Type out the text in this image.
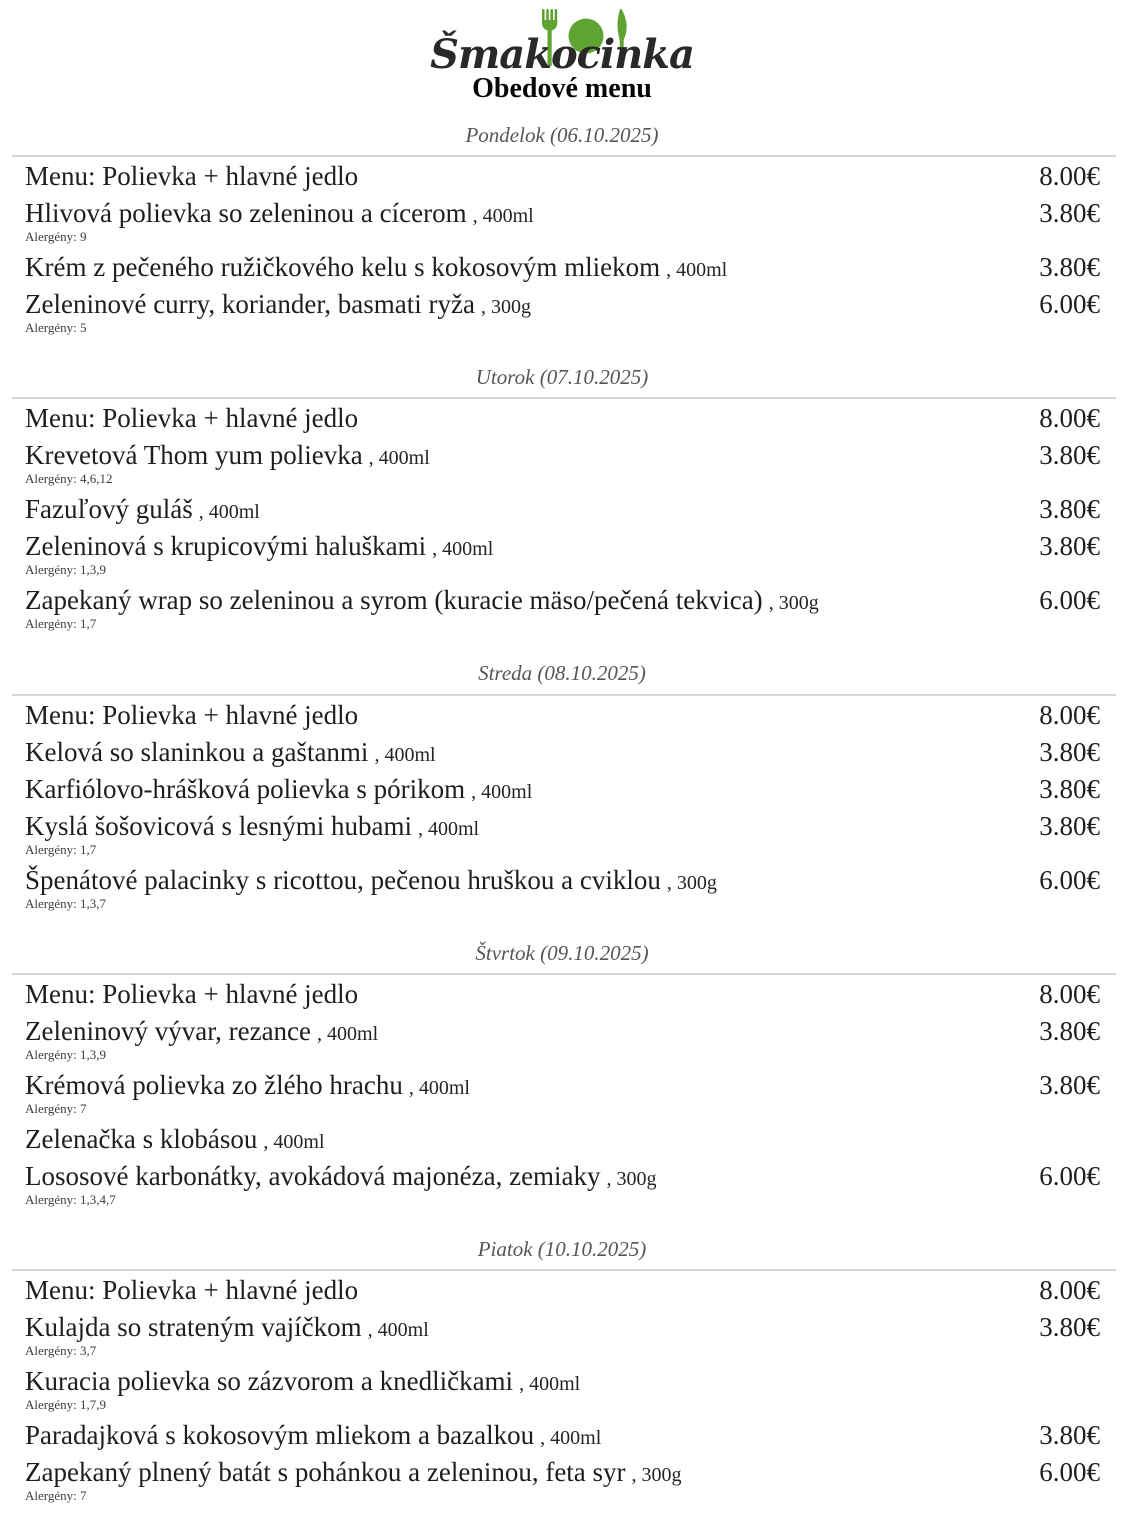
Šmakocinka
Obedové menu
Pondelok (06.10.2025)
Menu: Polievka + hlavné jedlo	8.00€
Hlivová polievka so zeleninou a cícerom , 400ml	3.80€
Alergény: 9
Krém z pečeného ružičkového kelu s kokosovým mliekom , 400ml	3.80€
Zeleninové curry, koriander, basmati ryža , 300g	6.00€
Alergény: 5
Utorok (07.10.2025)
Menu: Polievka + hlavné jedlo	8.00€
Krevetová Thom yum polievka , 400ml	3.80€
Alergény: 4,6,12
Fazuľový guláš , 400ml	3.80€
Zeleninová s krupicovými haluškami , 400ml	3.80€
Alergény: 1,3,9
Zapekaný wrap so zeleninou a syrom (kuracie mäso/pečená tekvica) , 300g	6.00€
Alergény: 1,7
Streda (08.10.2025)
Menu: Polievka + hlavné jedlo	8.00€
Kelová so slaninkou a gaštanmi , 400ml	3.80€
Karfiólovo-hrášková polievka s pórikom , 400ml	3.80€
Kyslá šošovicová s lesnými hubami , 400ml	3.80€
Alergény: 1,7
Špenátové palacinky s ricottou, pečenou hruškou a cviklou , 300g	6.00€
Alergény: 1,3,7
Štvrtok (09.10.2025)
Menu: Polievka + hlavné jedlo	8.00€
Zeleninový vývar, rezance , 400ml	3.80€
Alergény: 1,3,9
Krémová polievka zo žlého hrachu , 400ml	3.80€
Alergény: 7
Zelenačka s klobásou , 400ml
Lososové karbonátky, avokádová majonéza, zemiaky , 300g	6.00€
Alergény: 1,3,4,7
Piatok (10.10.2025)
Menu: Polievka + hlavné jedlo	8.00€
Kulajda so strateným vajíčkom , 400ml	3.80€
Alergény: 3,7
Kuracia polievka so zázvorom a knedličkami , 400ml
Alergény: 1,7,9
Paradajková s kokosovým mliekom a bazalkou , 400ml	3.80€
Zapekaný plnený batát s pohánkou a zeleninou, feta syr , 300g	6.00€
Alergény: 7
